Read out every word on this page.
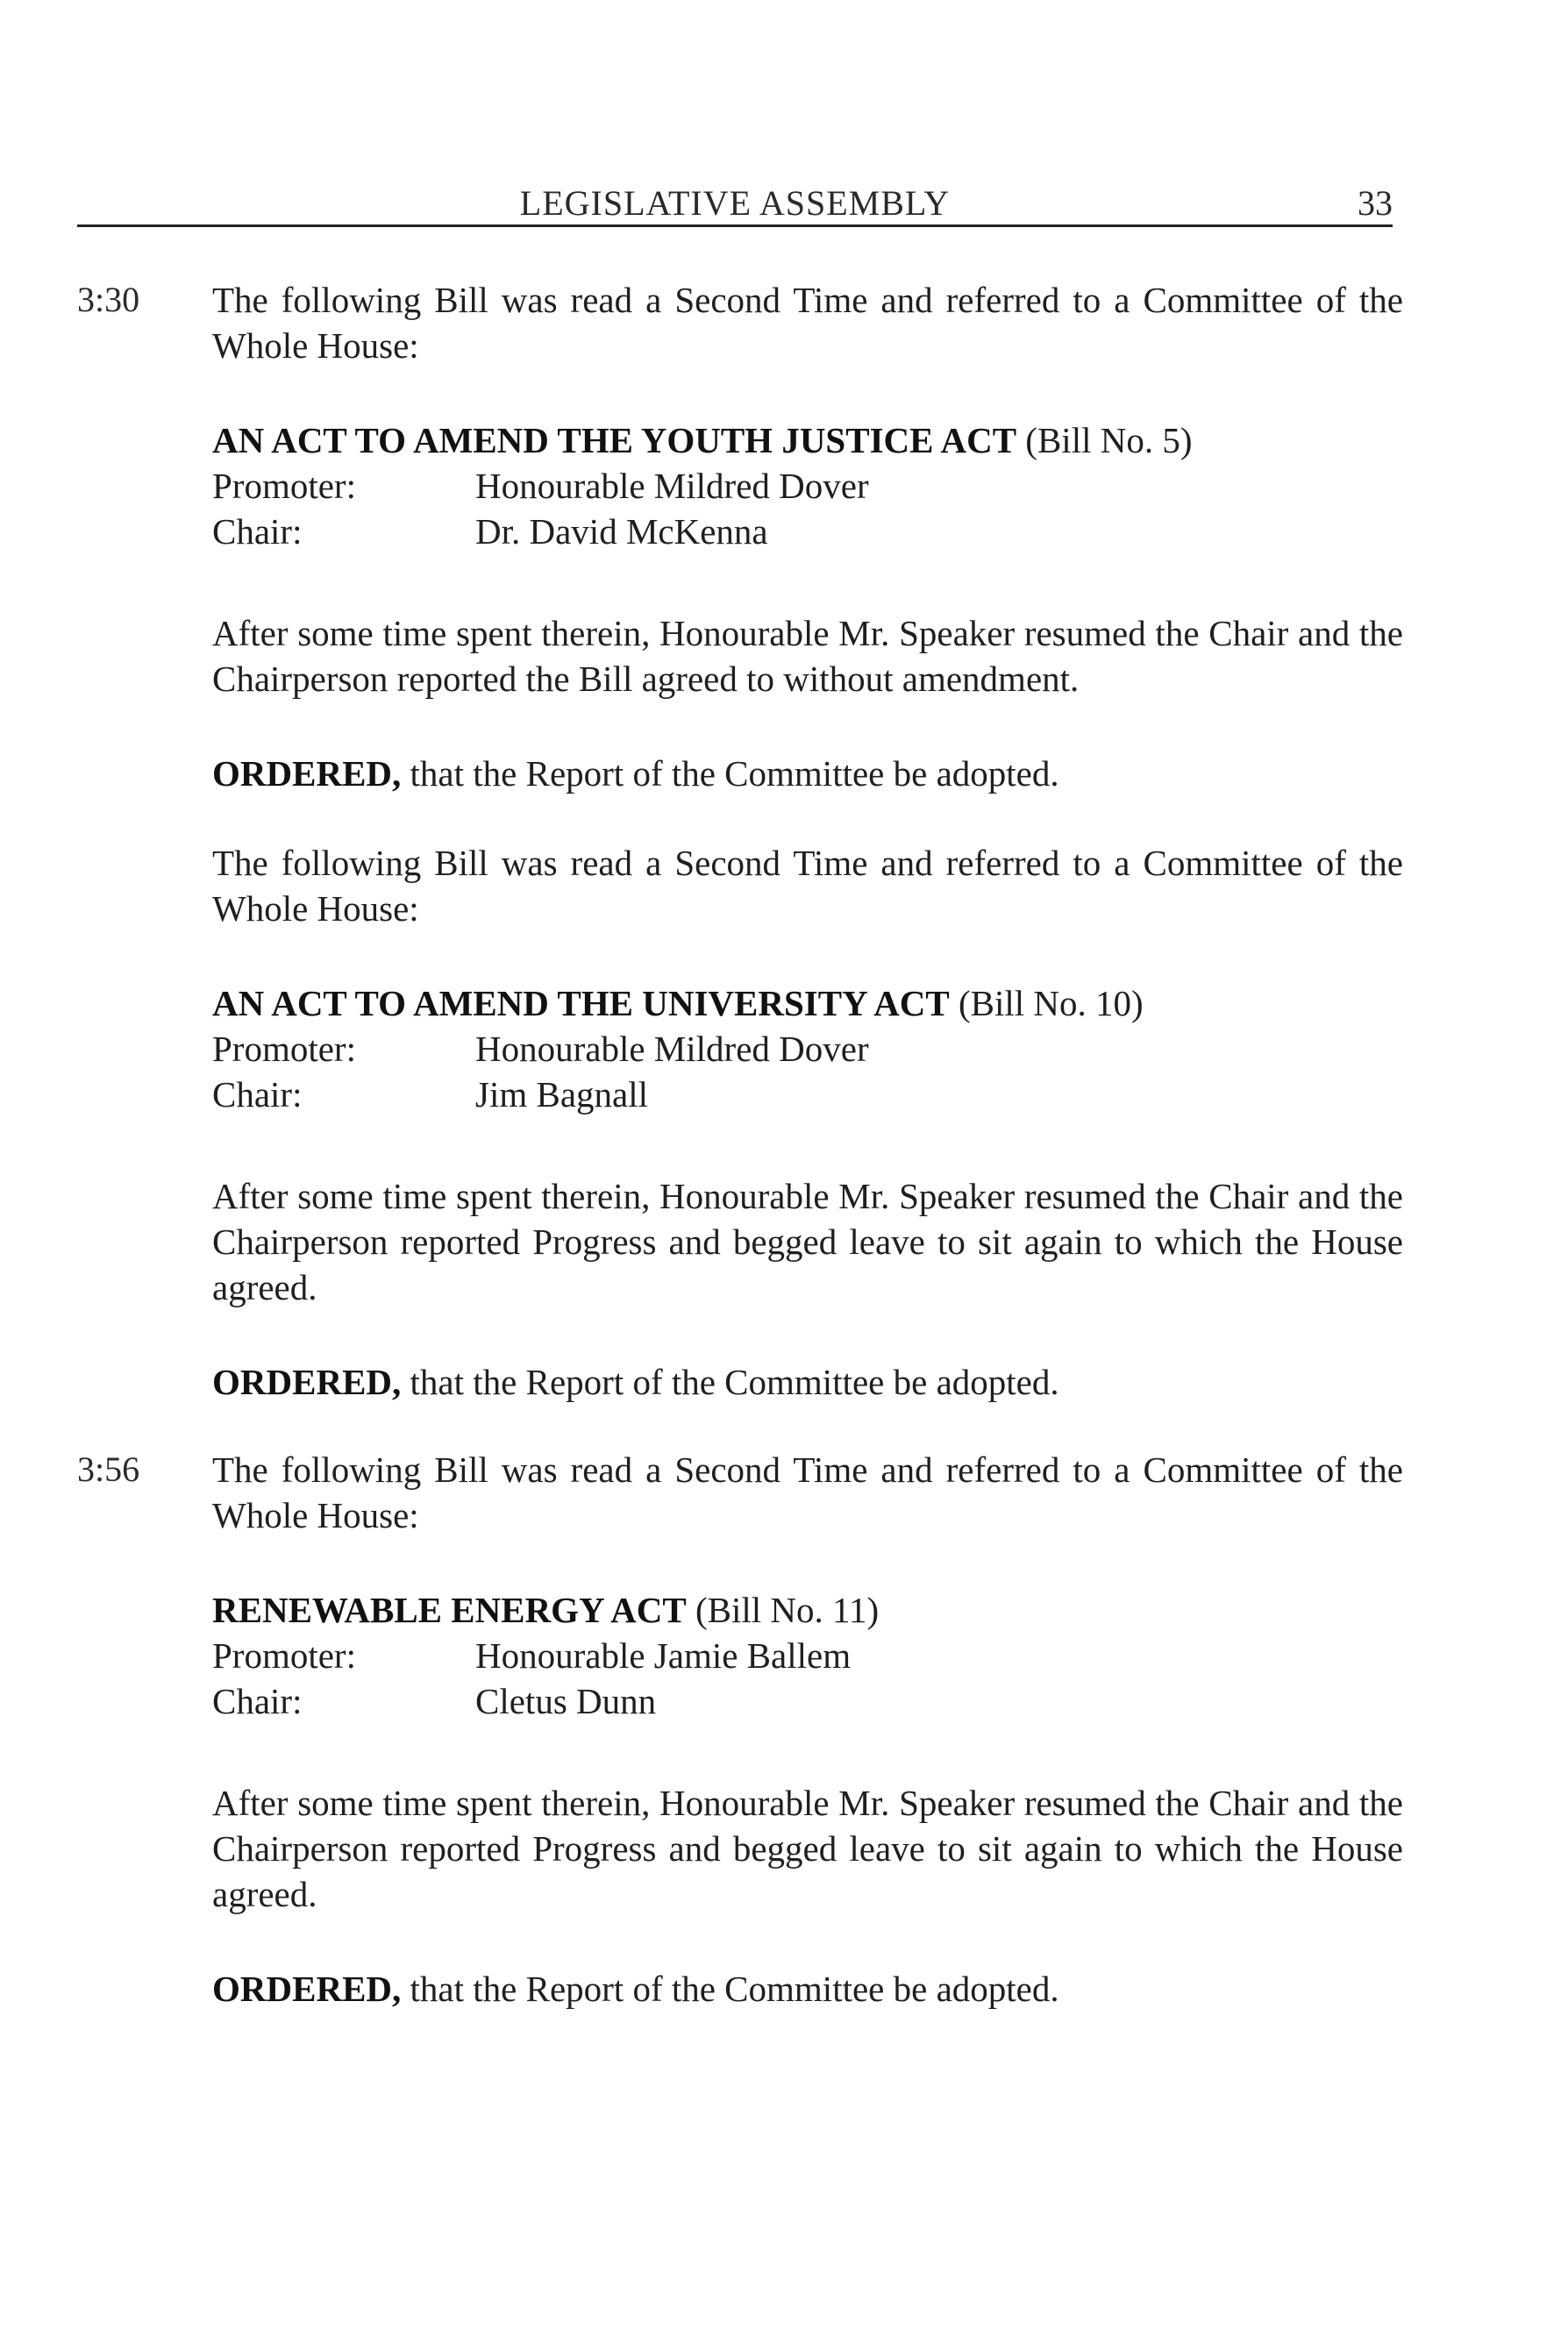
LEGISLATIVE ASSEMBLY	33
3:30 The following Bill was read a Second Time and referred to a Committee of the Whole House:

AN ACT TO AMEND THE YOUTH JUSTICE ACT (Bill No. 5)
Promoter:	Honourable Mildred Dover
Chair:	Dr. David McKenna

After some time spent therein, Honourable Mr. Speaker resumed the Chair and the Chairperson reported the Bill agreed to without amendment.

ORDERED, that the Report of the Committee be adopted.

The following Bill was read a Second Time and referred to a Committee of the Whole House:

AN ACT TO AMEND THE UNIVERSITY ACT (Bill No. 10)
Promoter:	Honourable Mildred Dover
Chair:	Jim Bagnall

After some time spent therein, Honourable Mr. Speaker resumed the Chair and the Chairperson reported Progress and begged leave to sit again to which the House agreed.

ORDERED, that the Report of the Committee be adopted.

3:56 The following Bill was read a Second Time and referred to a Committee of the Whole House:

RENEWABLE ENERGY ACT (Bill No. 11)
Promoter:	Honourable Jamie Ballem
Chair:	Cletus Dunn

After some time spent therein, Honourable Mr. Speaker resumed the Chair and the Chairperson reported Progress and begged leave to sit again to which the House agreed.

ORDERED, that the Report of the Committee be adopted.
